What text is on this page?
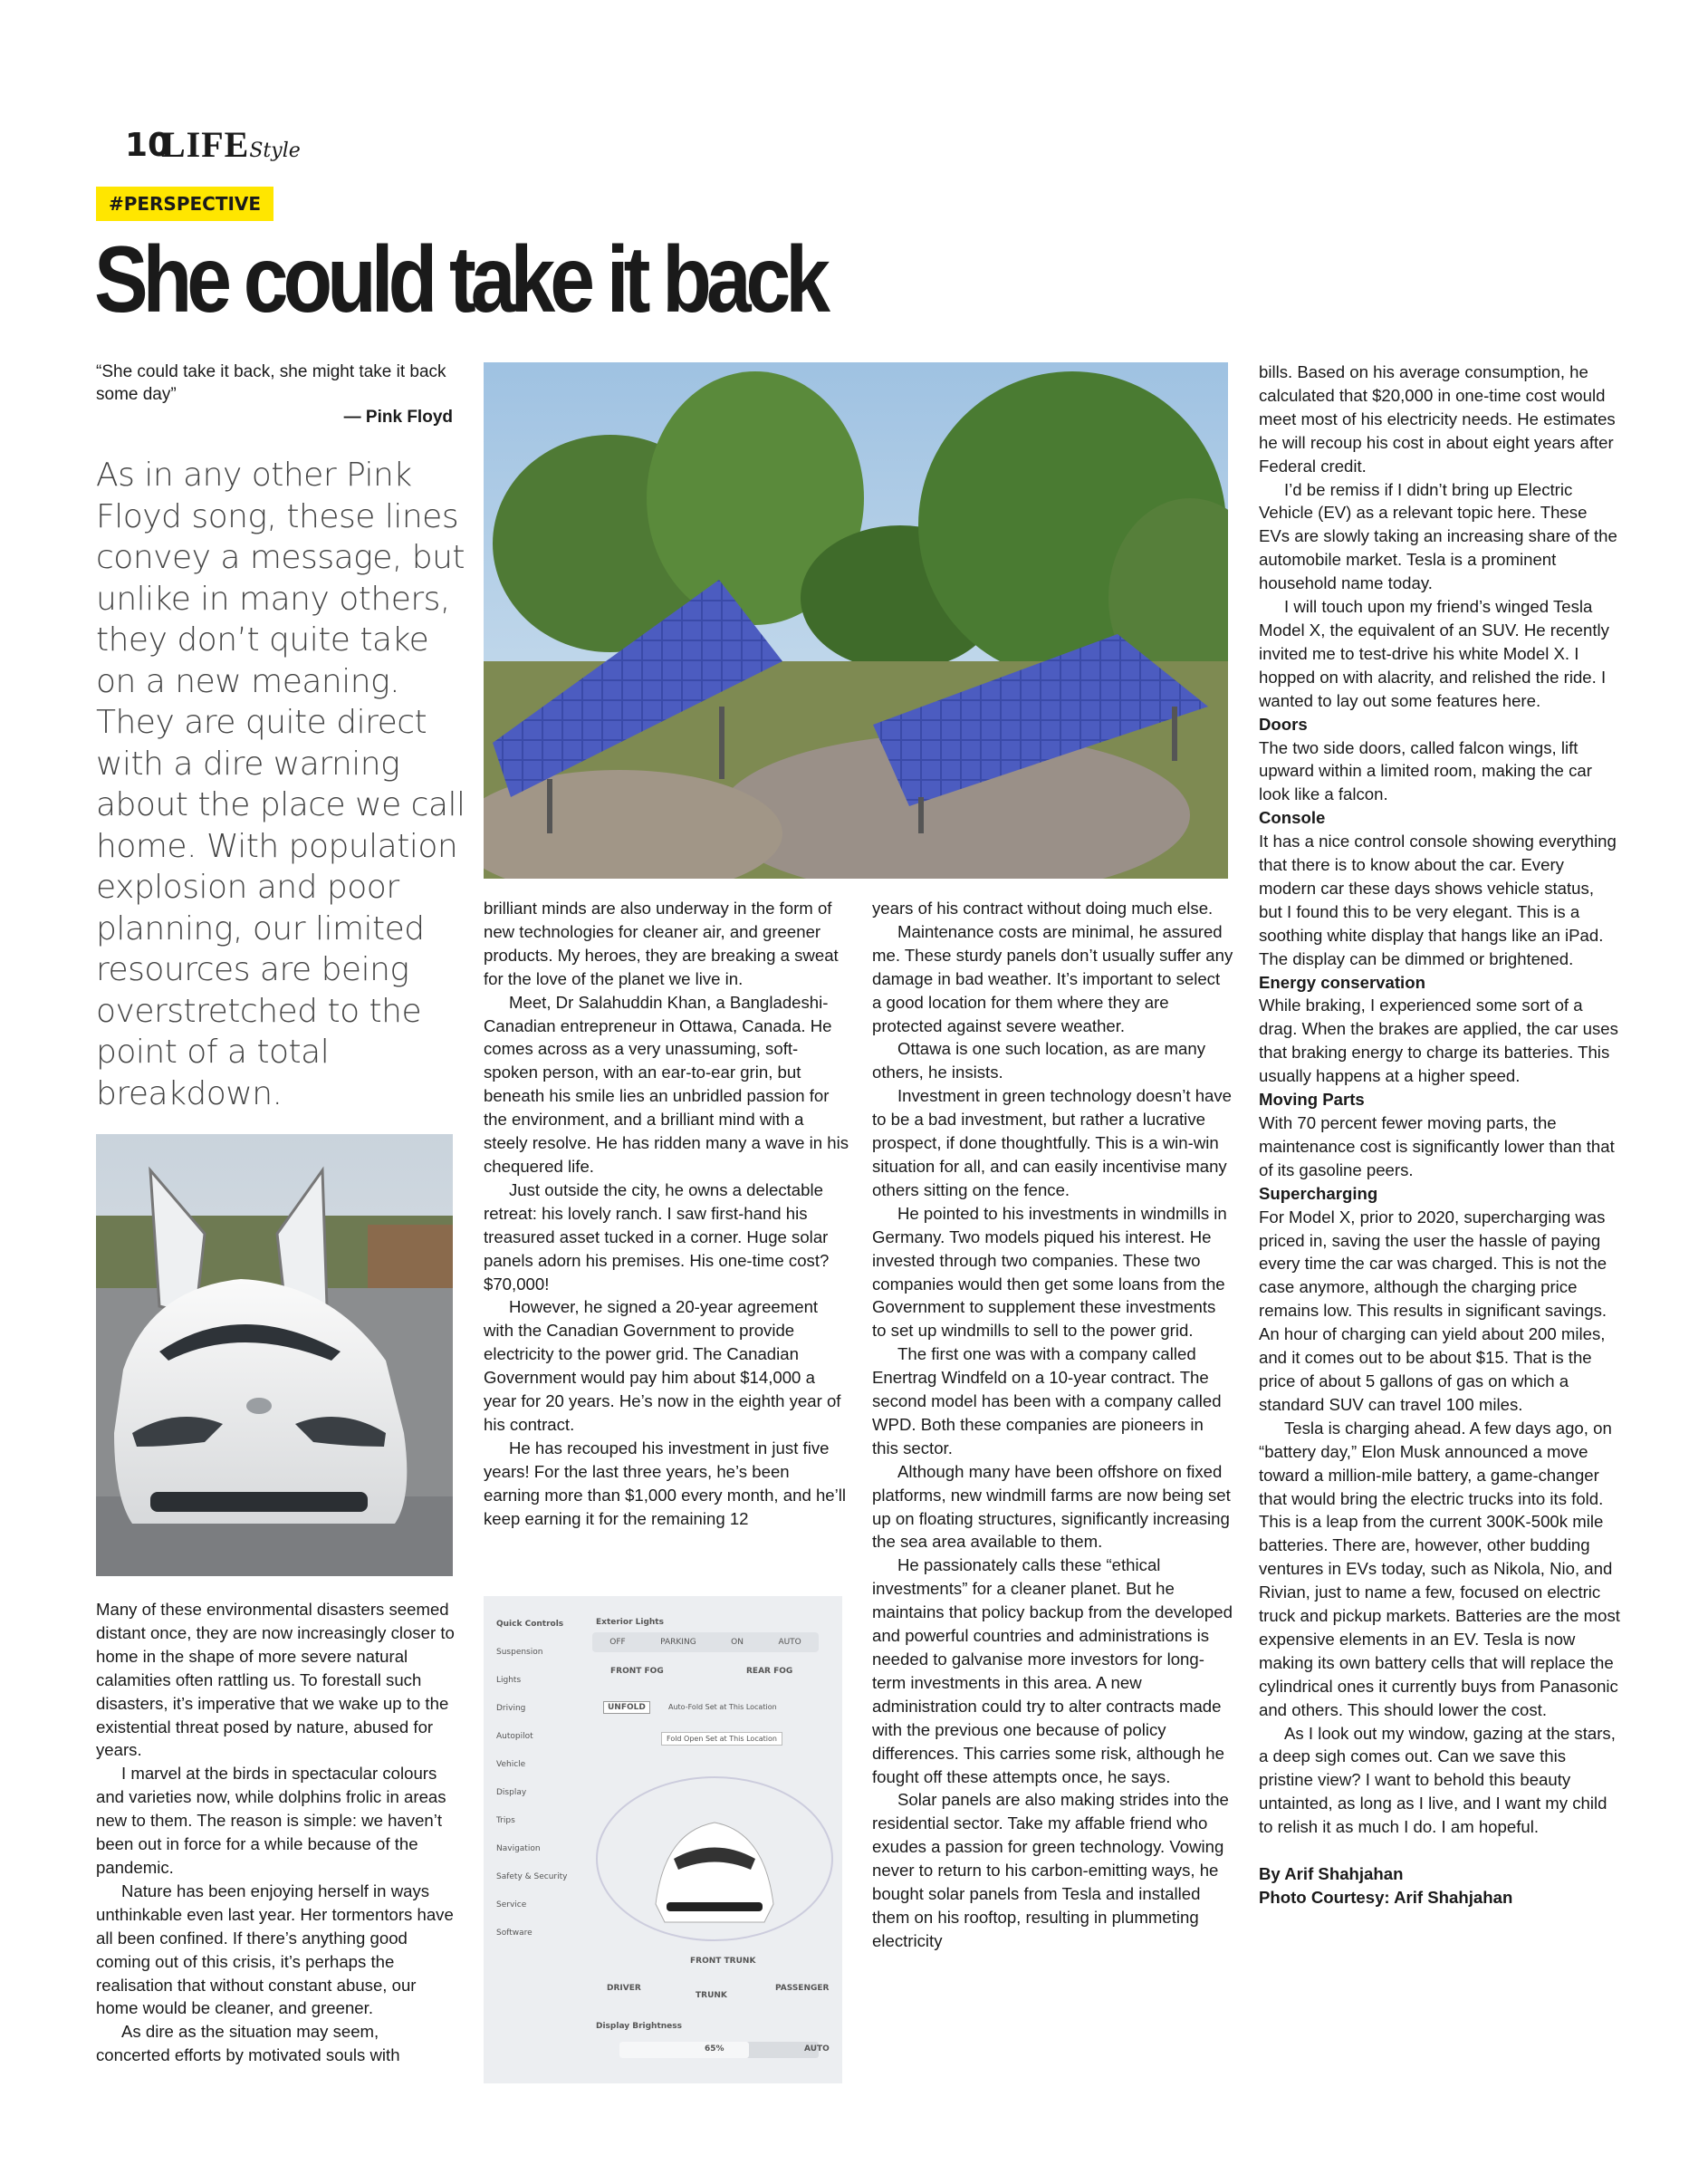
10
LIFEStyle
#PERSPECTIVE
She could take it back
“She could take it back, she might take it back some day”
— Pink Floyd
As in any other Pink Floyd song, these lines convey a message, but unlike in many others, they don’t quite take on a new meaning. They are quite direct with a dire warning about the place we call home. With population explosion and poor planning, our limited resources are being overstretched to the point of a total breakdown.
Quick Controls
Suspension
Lights
Driving
Autopilot
Vehicle
Display
Trips
Navigation
Safety & Security
Service
Software
Exterior Lights
OFF	PARKING	ON	AUTO
FRONT FOG	REAR FOG
UNFOLD	Auto-Fold Set at This Location
Fold Open Set at This Location
FRONT TRUNK
DRIVER
TRUNK
PASSENGER
Display Brightness
65%	AUTO

Many of these environmental disasters seemed distant once, they are now increasingly closer to home in the shape of more severe natural calamities often rattling us. To forestall such disasters, it’s imperative that we wake up to the existential threat posed by nature, abused for years.

I marvel at the birds in spectacular colours and varieties now, while dolphins frolic in areas new to them. The reason is simple: we haven’t been out in force for a while because of the pandemic.

Nature has been enjoying herself in ways unthinkable even last year. Her tormentors have all been confined. If there’s anything good coming out of this crisis, it’s perhaps the realisation that without constant abuse, our home would be cleaner, and greener.

As dire as the situation may seem, concerted efforts by motivated souls with

brilliant minds are also underway in the form of new technologies for cleaner air, and greener products. My heroes, they are breaking a sweat for the love of the planet we live in.

Meet, Dr Salahuddin Khan, a Bangladeshi-Canadian entrepreneur in Ottawa, Canada. He comes across as a very unassuming, soft-spoken person, with an ear-to-ear grin, but beneath his smile lies an unbridled passion for the environment, and a brilliant mind with a steely resolve. He has ridden many a wave in his chequered life.

Just outside the city, he owns a delectable retreat: his lovely ranch. I saw first-hand his treasured asset tucked in a corner. Huge solar panels adorn his premises. His one-time cost? $70,000!

However, he signed a 20-year agreement with the Canadian Government to provide electricity to the power grid. The Canadian Government would pay him about $14,000 a year for 20 years. He’s now in the eighth year of his contract.

He has recouped his investment in just five years! For the last three years, he’s been earning more than $1,000 every month, and he’ll keep earning it for the remaining 12

years of his contract without doing much else.

Maintenance costs are minimal, he assured me. These sturdy panels don’t usually suffer any damage in bad weather. It’s important to select a good location for them where they are protected against severe weather.

Ottawa is one such location, as are many others, he insists.

Investment in green technology doesn’t have to be a bad investment, but rather a lucrative prospect, if done thoughtfully. This is a win-win situation for all, and can easily incentivise many others sitting on the fence.

He pointed to his investments in windmills in Germany. Two models piqued his interest. He invested through two companies. These two companies would then get some loans from the Government to supplement these investments to set up windmills to sell to the power grid.

The first one was with a company called Enertrag Windfeld on a 10-year contract. The second model has been with a company called WPD. Both these companies are pioneers in this sector.

Although many have been offshore on fixed platforms, new windmill farms are now being set up on floating structures, significantly increasing the sea area available to them.

He passionately calls these “ethical investments” for a cleaner planet. But he maintains that policy backup from the developed and powerful countries and administrations is needed to galvanise more investors for long-term investments in this area. A new administration could try to alter contracts made with the previous one because of policy differences. This carries some risk, although he fought off these attempts once, he says.

Solar panels are also making strides into the residential sector. Take my affable friend who exudes a passion for green technology. Vowing never to return to his carbon-emitting ways, he bought solar panels from Tesla and installed them on his rooftop, resulting in plummeting electricity

bills. Based on his average consumption, he calculated that $20,000 in one-time cost would meet most of his electricity needs. He estimates he will recoup his cost in about eight years after Federal credit.

I’d be remiss if I didn’t bring up Electric Vehicle (EV) as a relevant topic here. These EVs are slowly taking an increasing share of the automobile market. Tesla is a prominent household name today.

I will touch upon my friend’s winged Tesla Model X, the equivalent of an SUV. He recently invited me to test-drive his white Model X. I hopped on with alacrity, and relished the ride. I wanted to lay out some features here.

Doors

The two side doors, called falcon wings, lift upward within a limited room, making the car look like a falcon.

Console

It has a nice control console showing everything that there is to know about the car. Every modern car these days shows vehicle status, but I found this to be very elegant. This is a soothing white display that hangs like an iPad. The display can be dimmed or brightened.

Energy conservation

While braking, I experienced some sort of a drag. When the brakes are applied, the car uses that braking energy to charge its batteries. This usually happens at a higher speed.

Moving Parts

With 70 percent fewer moving parts, the maintenance cost is significantly lower than that of its gasoline peers.

Supercharging

For Model X, prior to 2020, supercharging was priced in, saving the user the hassle of paying every time the car was charged. This is not the case anymore, although the charging price remains low. This results in significant savings. An hour of charging can yield about 200 miles, and it comes out to be about $15. That is the price of about 5 gallons of gas on which a standard SUV can travel 100 miles.

Tesla is charging ahead. A few days ago, on “battery day,” Elon Musk announced a move toward a million-mile battery, a game-changer that would bring the electric trucks into its fold. This is a leap from the current 300K-500k mile batteries. There are, however, other budding ventures in EVs today, such as Nikola, Nio, and Rivian, just to name a few, focused on electric truck and pickup markets. Batteries are the most expensive elements in an EV. Tesla is now making its own battery cells that will replace the cylindrical ones it currently buys from Panasonic and others. This should lower the cost.

As I look out my window, gazing at the stars, a deep sigh comes out. Can we save this pristine view? I want to behold this beauty untainted, as long as I live, and I want my child to relish it as much I do. I am hopeful.

By Arif Shahjahan

Photo Courtesy: Arif Shahjahan
